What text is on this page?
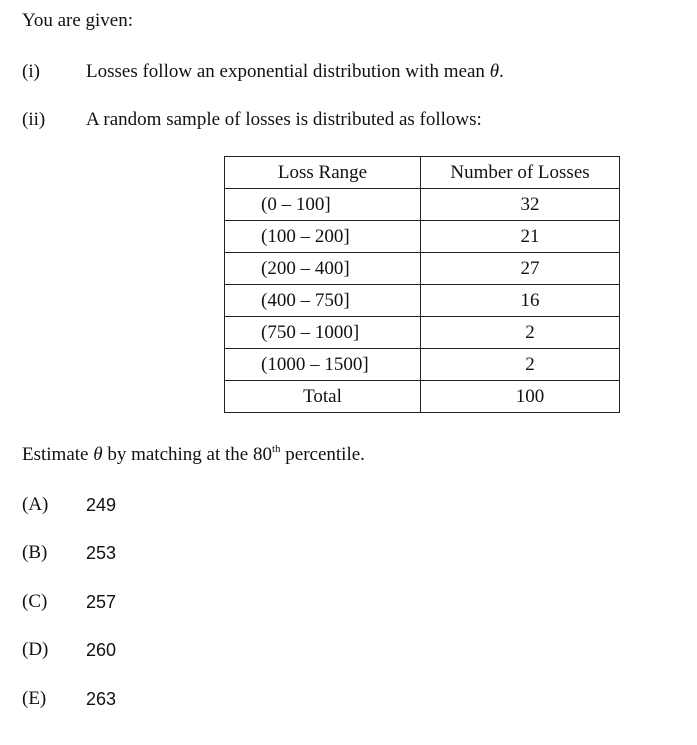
You are given:
(i) Losses follow an exponential distribution with mean θ.
(ii) A random sample of losses is distributed as follows:
Loss Range	Number of Losses
(0 – 100]	32
(100 – 200]	21
(200 – 400]	27
(400 – 750]	16
(750 – 1000]	2
(1000 – 1500]	2
Total	100
Estimate θ by matching at the 80th percentile.
(A) 249
(B) 253
(C) 257
(D) 260
(E) 263
